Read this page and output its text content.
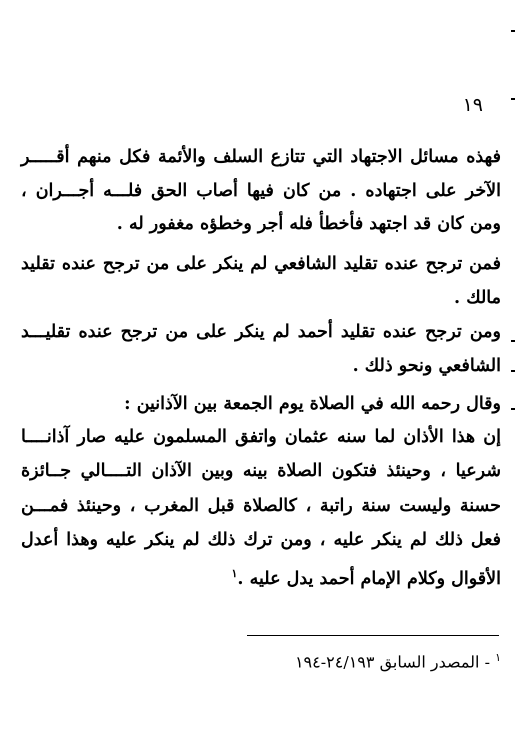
١٩
فهذه مسائل الاجتهاد التي تتازع السلف والأئمة فكل منهم أقـــــر
الآخر على اجتهاده . من كان فيها أصاب الحق فلـــه أجـــران ،
ومن كان قد اجتهد فأخطأ فله أجر وخطؤه مغفور له .
فمن ترجح عنده تقليد الشافعي لم ينكر على من ترجح عنده تقليد
مالك .
ومن ترجح عنده تقليد أحمد لم ينكر على من ترجح عنده تقليـــد
الشافعي ونحو ذلك .
وقال رحمه الله في الصلاة يوم الجمعة بين الآذانين :
إن هذا الأذان لما سنه عثمان واتفق المسلمون عليه صار آذانــــا
شرعيا ، وحينئذ فتكون الصلاة بينه وبين الآذان التــــالي جــائزة
حسنة وليست سنة راتبة ، كالصلاة قبل المغرب ، وحينئذ فمـــن
فعل ذلك لم ينكر عليه ، ومن ترك ذلك لم ينكر عليه وهذا أعدل
الأقوال وكلام الإمام أحمد يدل عليه .$^١$
$^١$ - المصدر السابق ٢٤/١٩٣-١٩٤
